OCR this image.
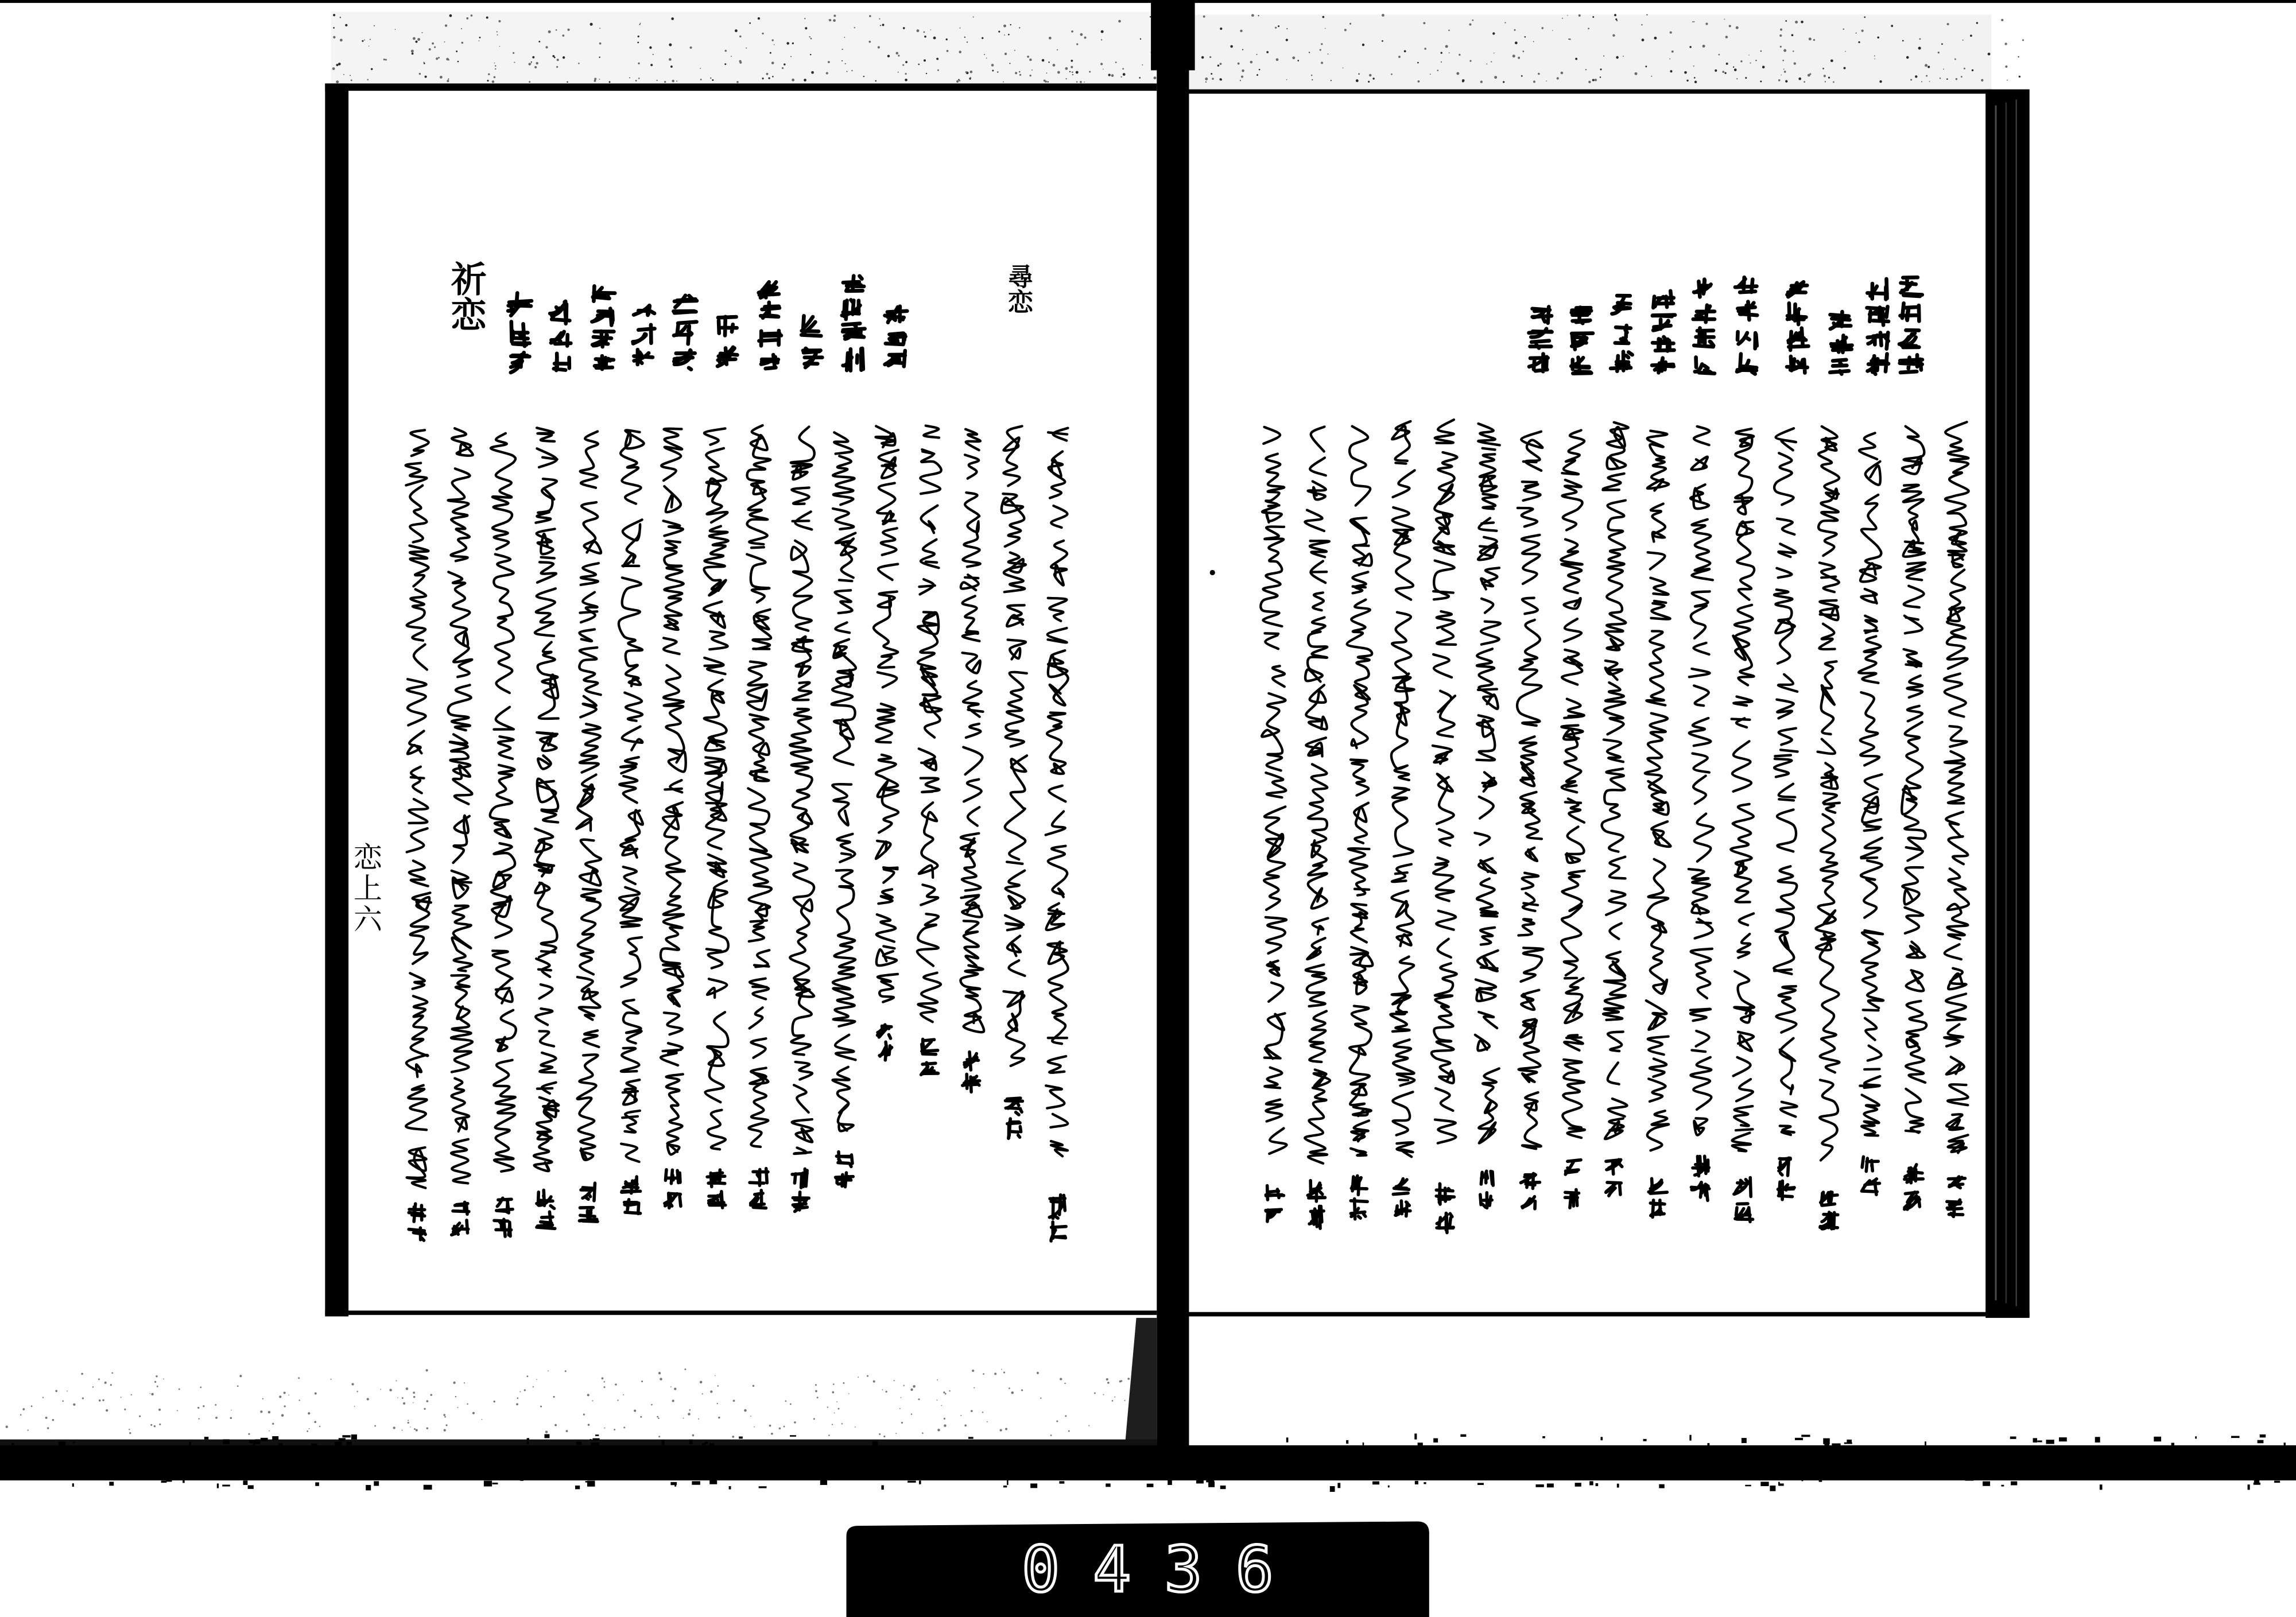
尋恋
祈恋
恋上六
0436
